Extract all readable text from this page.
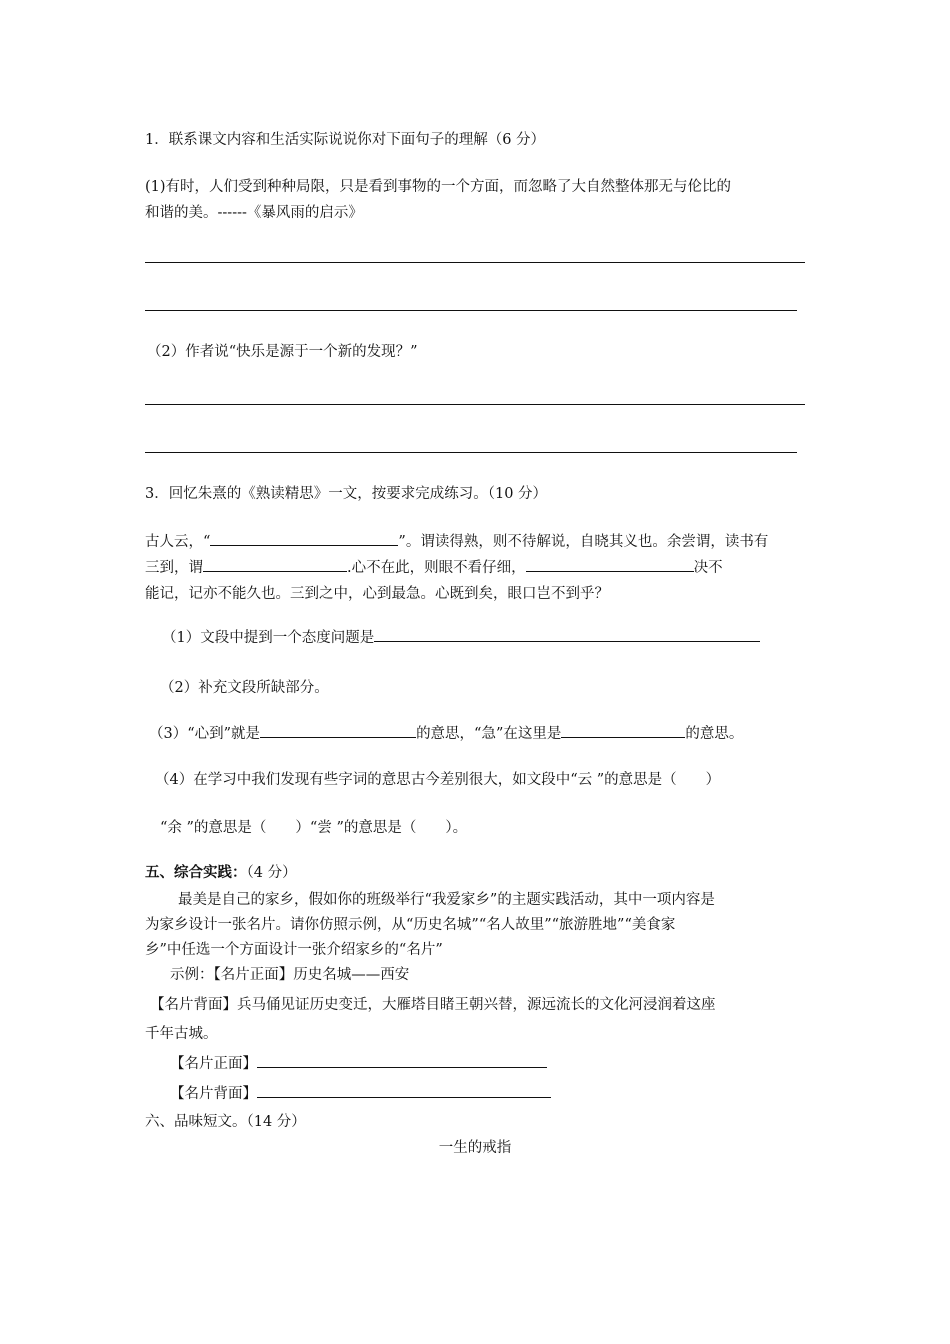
1．联系课文内容和生活实际说说你对下面句子的理解（6 分）
(1)有时，人们受到种种局限，只是看到事物的一个方面，而忽略了大自然整体那无与伦比的
和谐的美。------《暴风雨的启示》
（2）作者说“快乐是源于一个新的发现？”
3．回忆朱熹的《熟读精思》一文，按要求完成练习。（10 分）
古人云，“	”。谓读得熟，则不待解说，自晓其义也。余尝谓，读书有
三到，谓	.心不在此，则眼不看仔细，	决不
能记，记亦不能久也。三到之中，心到最急。心既到矣，眼口岂不到乎？
（1）文段中提到一个态度问题是
（2）补充文段所缺部分。
（3）“心到”就是	的意思，“急”在这里是	的意思。
（4）在学习中我们发现有些字词的意思古今差别很大，如文段中“云 ”的意思是（　　）
“余 ”的意思是（　　）“尝 ”的意思是（　　）。
五、综合实践：（4 分）
最美是自己的家乡，假如你的班级举行“我爱家乡”的主题实践活动，其中一项内容是
为家乡设计一张名片。请你仿照示例，从“历史名城”“名人故里”“旅游胜地”“美食家
乡”中任选一个方面设计一张介绍家乡的“名片”
示例：【名片正面】历史名城——西安
【名片背面】兵马俑见证历史变迁，大雁塔目睹王朝兴替，源远流长的文化河浸润着这座
千年古城。
【名片正面】
【名片背面】
六、品味短文。（14 分）
一生的戒指
